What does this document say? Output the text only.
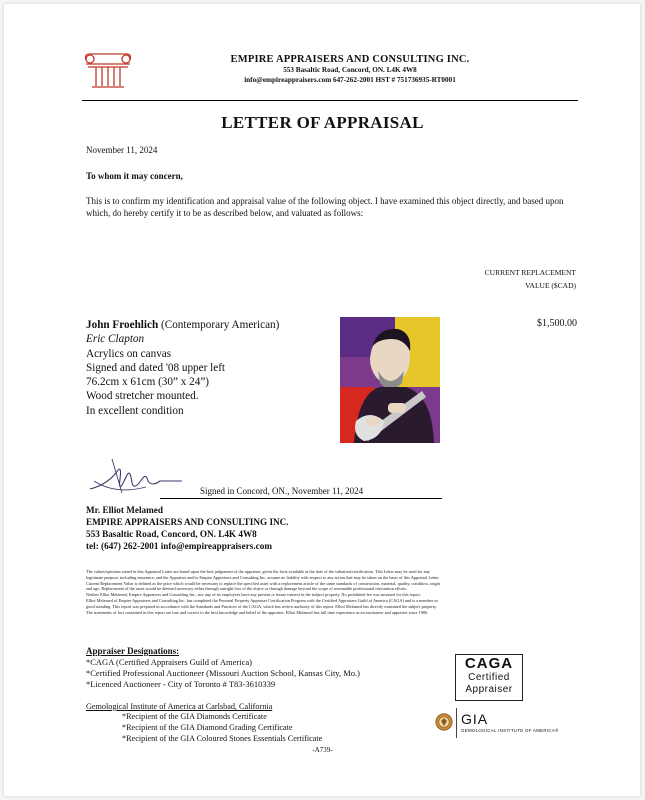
EMPIRE APPRAISERS AND CONSULTING INC.
553 Basaltic Road, Concord, ON. L4K 4W8
info@empireappraisers.com 647-262-2001 HST # 751736935-RT0001
LETTER OF APPRAISAL
November 11, 2024
To whom it may concern,
This is to confirm my identification and appraisal value of the following object. I have examined this object directly, and based upon which, do hereby certify it to be as described below, and valuated as follows:
CURRENT REPLACEMENT
VALUE ($CAD)
John Froehlich (Contemporary American)
Eric Clapton
Acrylics on canvas
Signed and dated '08 upper left
76.2cm x 61cm (30” x 24”)
Wood stretcher mounted.
In excellent condition
$1,500.00
Signed in Concord, ON., November 11, 2024
Mr. Elliot Melamed
EMPIRE APPRAISERS AND CONSULTING INC.
553 Basaltic Road, Concord, ON. L4K 4W8
tel: (647) 262-2001 info@empireappraisers.com
The values/opinions stated in this Appraisal Letter are based upon the best judgement of the appraiser, given the facts available at the date of the valuation/certification. This Letter may be used for any
legitimate purpose, including insurance, and the Appraiser and/or Empire Appraisers and Consulting Inc. assume no liability with respect to any action that may be taken on the basis of this Appraisal Letter.
Current Replacement Value is defined as the price which would be necessary to replace the specified asset with a replacement article of the same standards of construction, material, quality, condition, origin
and age. Replacement of the asset would be deemed necessary either through outright loss of the object or through damage beyond the scope of reasonable professional restoration efforts.
Neither Elliot Melamed, Empire Appraisers and Consulting Inc., nor any of its employees have any present or future interest in the subject property. No prohibited fee was assessed for this report.
Elliot Melamed of Empire Appraisers and Consulting Inc. has completed the Personal Property Appraiser Certification Program with the Certified Appraisers Guild of America (CAGA) and is a member in
good standing. This report was prepared in accordance with the Standards and Practices of the CAGA, which has review authority of this report. Elliot Melamed has directly examined the subject property.
The statements of fact contained in this report are true and correct to the best knowledge and belief of the appraiser. Elliot Melamed has full time experience as an auctioneer and appraiser since 1986.
Appraiser Designations:
*CAGA (Certified Appraisers Guild of America)
*Certified Professional Auctioneer (Missouri Auction School, Kansas City, Mo.)
*Licenced Auctioneer - City of Toronto # T83-3610339
CAGA
Certified
Appraiser
Gemological Institute of America at Carlsbad, California
*Recipient of the GIA Diamonds Certificate
*Recipient of the GIA Diamond Grading Certificate
*Recipient of the GIA Coloured Stones Essentials Certificate
GIA
GEMOLOGICAL INSTITUTE OF AMERICA®
-A739-
